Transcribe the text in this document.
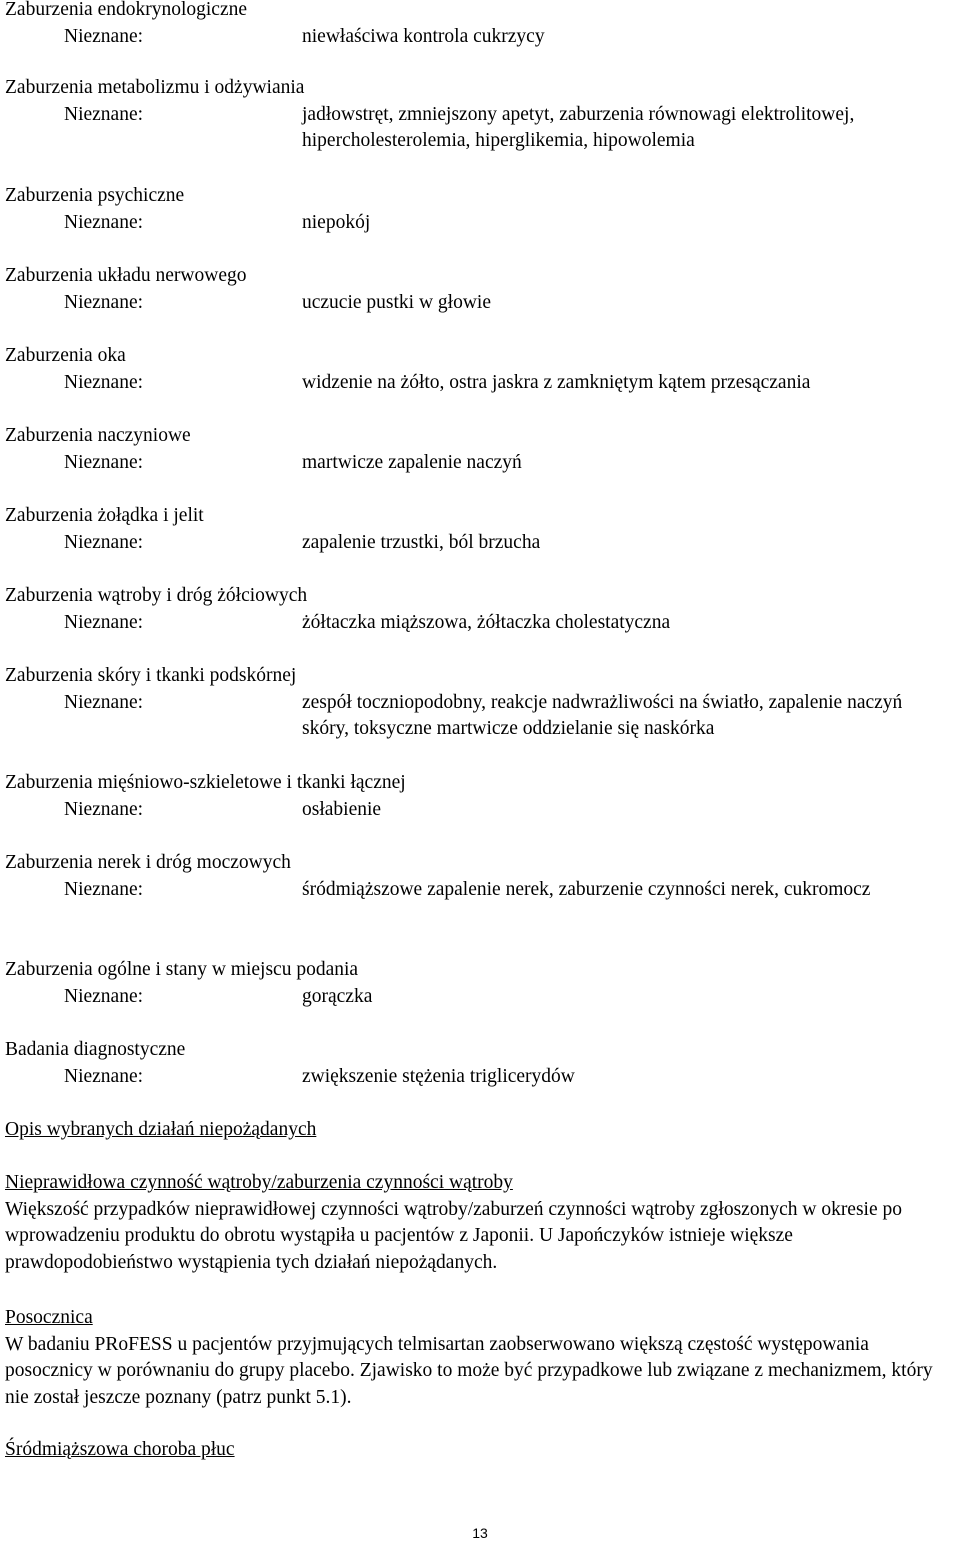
Zaburzenia endokrynologiczne
Nieznane:	niewłaściwa kontrola cukrzycy
Zaburzenia metabolizmu i odżywiania
Nieznane:	jadłowstręt, zmniejszony apetyt, zaburzenia równowagi elektrolitowej, hipercholesterolemia, hiperglikemia, hipowolemia
Zaburzenia psychiczne
Nieznane:	niepokój
Zaburzenia układu nerwowego
Nieznane:	uczucie pustki w głowie
Zaburzenia oka
Nieznane:	widzenie na żółto, ostra jaskra z zamkniętym kątem przesączania
Zaburzenia naczyniowe
Nieznane:	martwicze zapalenie naczyń
Zaburzenia żołądka i jelit
Nieznane:	zapalenie trzustki, ból brzucha
Zaburzenia wątroby i dróg żółciowych
Nieznane:	żółtaczka miąższowa, żółtaczka cholestatyczna
Zaburzenia skóry i tkanki podskórnej
Nieznane:	zespół toczniopodobny, reakcje nadwrażliwości na światło, zapalenie naczyń skóry, toksyczne martwicze oddzielanie się naskórka
Zaburzenia mięśniowo-szkieletowe i tkanki łącznej
Nieznane:	osłabienie
Zaburzenia nerek i dróg moczowych
Nieznane:	śródmiąższowe zapalenie nerek, zaburzenie czynności nerek, cukromocz
Zaburzenia ogólne i stany w miejscu podania
Nieznane:	gorączka
Badania diagnostyczne
Nieznane:	zwiększenie stężenia triglicerydów
Opis wybranych działań niepożądanych

Nieprawidłowa czynność wątroby/zaburzenia czynności wątroby

Większość przypadków nieprawidłowej czynności wątroby/zaburzeń czynności wątroby zgłoszonych w okresie po wprowadzeniu produktu do obrotu wystąpiła u pacjentów z Japonii. U Japończyków istnieje większe prawdopodobieństwo wystąpienia tych działań niepożądanych.

Posocznica

W badaniu PRoFESS u pacjentów przyjmujących telmisartan zaobserwowano większą częstość występowania posocznicy w porównaniu do grupy placebo. Zjawisko to może być przypadkowe lub związane z mechanizmem, który nie został jeszcze poznany (patrz punkt 5.1).

Śródmiąższowa choroba płuc
13
